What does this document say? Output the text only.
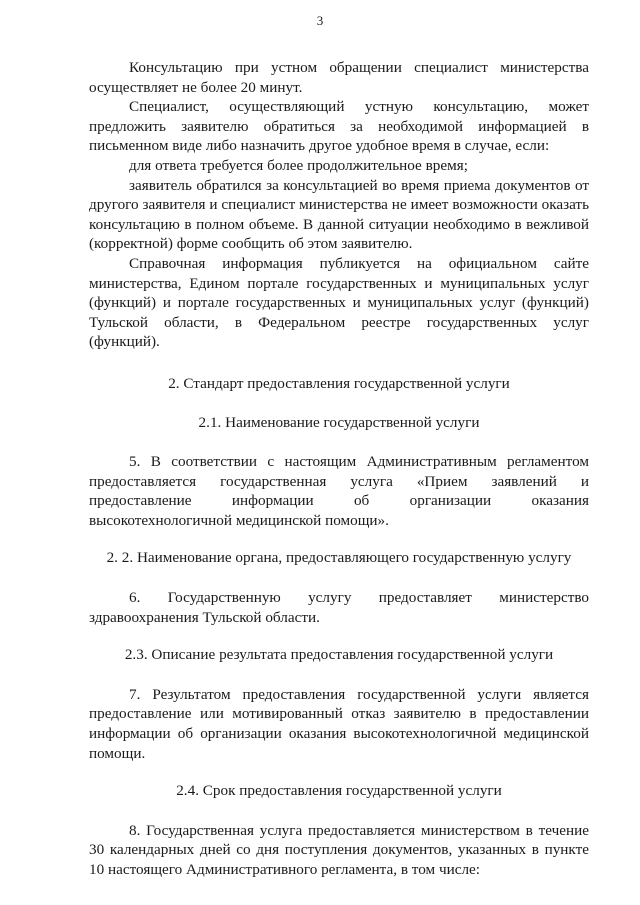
3

Консультацию при устном обращении специалист министерства осуществляет не более 20 минут.

Специалист, осуществляющий устную консультацию, может предложить заявителю обратиться за необходимой информацией в письменном виде либо назначить другое удобное время в случае, если:

для ответа требуется более продолжительное время;

заявитель обратился за консультацией во время приема документов от другого заявителя и специалист министерства не имеет возможности оказать консультацию в полном объеме. В данной ситуации необходимо в вежливой (корректной) форме сообщить об этом заявителю.

Справочная информация публикуется на официальном сайте министерства, Едином портале государственных и муниципальных услуг (функций) и портале государственных и муниципальных услуг (функций) Тульской области, в Федеральном реестре государственных услуг (функций).

2. Стандарт предоставления государственной услуги

2.1. Наименование государственной услуги

5. В соответствии с настоящим Административным регламентом предоставляется государственная услуга «Прием заявлений и предоставление информации об организации оказания высокотехнологичной медицинской помощи».

2. 2. Наименование органа, предоставляющего государственную услугу

6. Государственную услугу предоставляет министерство здравоохранения Тульской области.

2.3. Описание результата предоставления государственной услуги

7. Результатом предоставления государственной услуги является предоставление или мотивированный отказ заявителю в предоставлении информации об организации оказания высокотехнологичной медицинской помощи.

2.4. Срок предоставления государственной услуги

8. Государственная услуга предоставляется министерством в течение 30 календарных дней со дня поступления документов, указанных в пункте 10 настоящего Административного регламента, в том числе:
